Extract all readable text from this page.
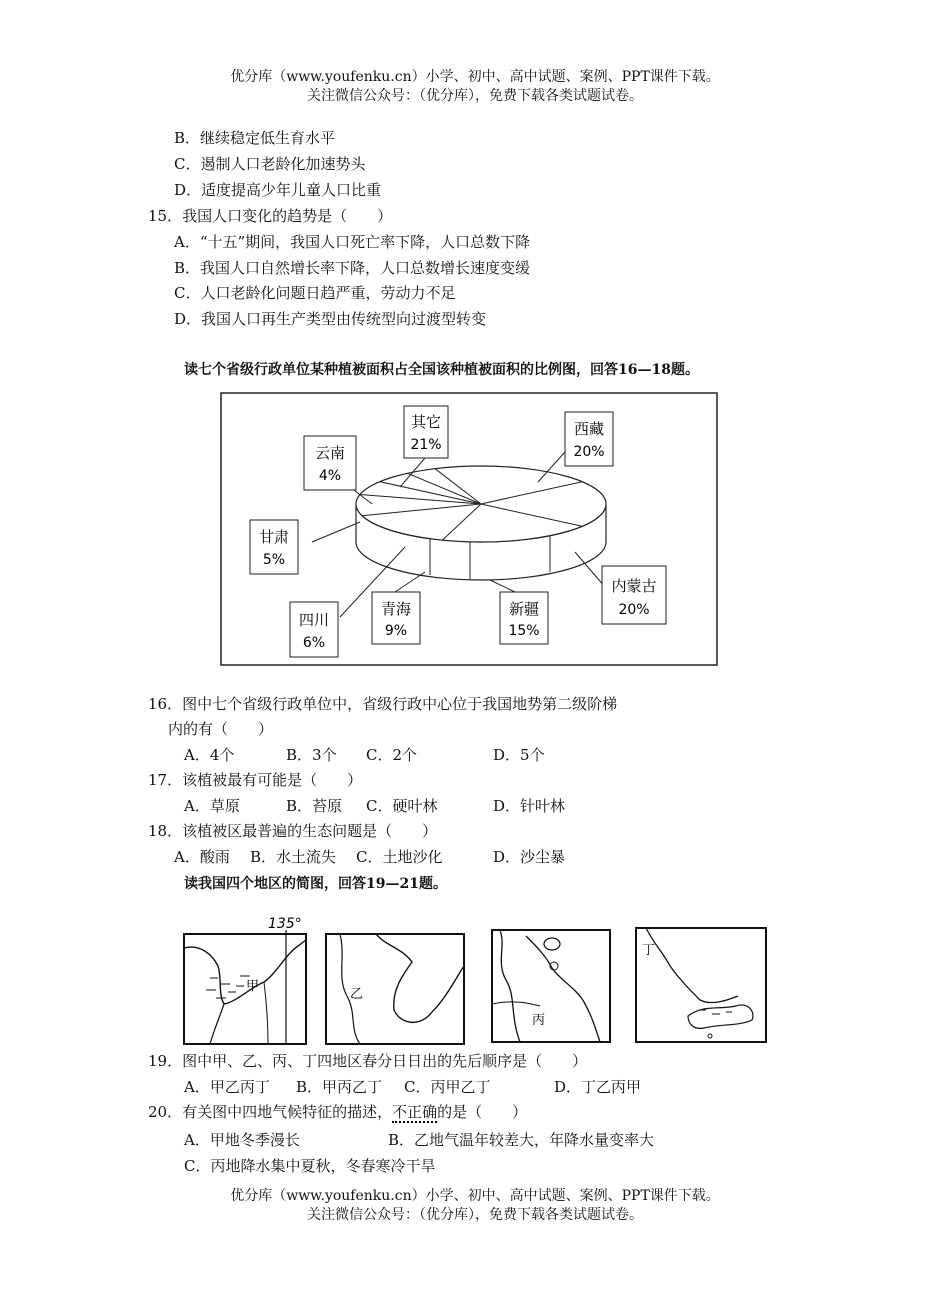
优分库（www.youfenku.cn）小学、初中、高中试题、案例、PPT课件下载。
关注微信公众号：（优分库），免费下载各类试题试卷。
B．继续稳定低生育水平
C．遏制人口老龄化加速势头
D．适度提高少年儿童人口比重
15．我国人口变化的趋势是（　　）
A．“十五”期间，我国人口死亡率下降，人口总数下降
B．我国人口自然增长率下降，人口总数增长速度变缓
C．人口老龄化问题日趋严重，劳动力不足
D．我国人口再生产类型由传统型向过渡型转变
读七个省级行政单位某种植被面积占全国该种植被面积的比例图，回答16—18题。
其它
21%
西藏
20%
内蒙古
20%
新疆
15%
青海
9%
四川
6%
甘肃
5%
云南
4%
16．图中七个省级行政单位中，省级行政中心位于我国地势第二级阶梯
内的有（　　）
A．4个	B．3个 C．2个	D．5个
17．该植被最有可能是（　　）
A．草原	B．苔原 C．硬叶林	D．针叶林
18．该植被区最普遍的生态问题是（　　）
A．酸雨 B．水土流失 C．土地沙化	D．沙尘暴
读我国四个地区的简图，回答19—21题。
135°
甲
乙
丙
丁
19．图中甲、乙、丙、丁四地区春分日日出的先后顺序是（　　）
A．甲乙丙丁 B．甲丙乙丁 C．丙甲乙丁	D．丁乙丙甲
20．有关图中四地气候特征的描述，不正确的是（　　）
A．甲地冬季漫长	B．乙地气温年较差大，年降水量变率大
C．丙地降水集中夏秋，冬春寒冷干旱
优分库（www.youfenku.cn）小学、初中、高中试题、案例、PPT课件下载。
关注微信公众号：（优分库），免费下载各类试题试卷。
